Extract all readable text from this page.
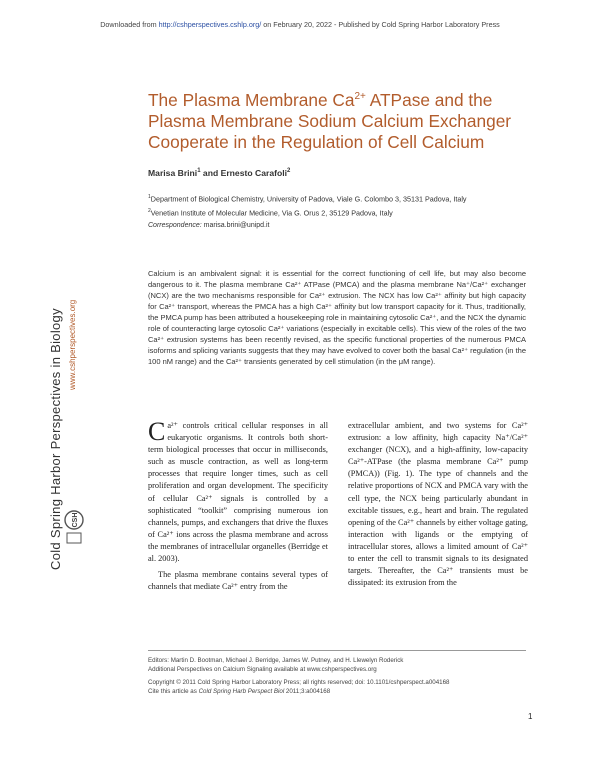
Downloaded from http://cshperspectives.cshlp.org/ on February 20, 2022 - Published by Cold Spring Harbor Laboratory Press
The Plasma Membrane $Ca^{2+}$ ATPase and the
Plasma Membrane Sodium Calcium Exchanger
Cooperate in the Regulation of Cell Calcium
Marisa Brini$^1$ and Ernesto Carafoli$^2$
$^1$Department of Biological Chemistry, University of Padova, Viale G. Colombo 3, 35131 Padova, Italy
$^2$Venetian Institute of Molecular Medicine, Via G. Orus 2, 35129 Padova, Italy
Correspondence: marisa.brini@unipd.it
Cold Spring Harbor Perspectives in Biology www.cshperspectives.org
CSH
Calcium is an ambivalent signal: it is essential for the correct functioning of cell life, but may also become dangerous to it. The plasma membrane Ca²⁺ ATPase (PMCA) and the plasma membrane Na⁺/Ca²⁺ exchanger (NCX) are the two mechanisms responsible for Ca²⁺ extrusion. The NCX has low Ca²⁺ affinity but high capacity for Ca²⁺ transport, whereas the PMCA has a high Ca²⁺ affinity but low transport capacity for it. Thus, traditionally, the PMCA pump has been attributed a housekeeping role in maintaining cytosolic Ca²⁺, and the NCX the dynamic role of counteracting large cytosolic Ca²⁺ variations (especially in excitable cells). This view of the roles of the two Ca²⁺ extrusion systems has been recently revised, as the specific functional properties of the numerous PMCA isoforms and splicing variants suggests that they may have evolved to cover both the basal Ca²⁺ regulation (in the 100 nM range) and the Ca²⁺ transients generated by cell stimulation (in the μM range).

Ca²⁺ controls critical cellular responses in all eukaryotic organisms. It controls both short-term biological processes that occur in milliseconds, such as muscle contraction, as well as long-term processes that require longer times, such as cell proliferation and organ development. The specificity of cellular Ca²⁺ signals is controlled by a sophisticated “toolkit” comprising numerous ion channels, pumps, and exchangers that drive the fluxes of Ca²⁺ ions across the plasma membrane and across the membranes of intracellular organelles (Berridge et al. 2003).

The plasma membrane contains several types of channels that mediate Ca²⁺ entry from the

extracellular ambient, and two systems for Ca²⁺ extrusion: a low affinity, high capacity Na⁺/Ca²⁺ exchanger (NCX), and a high-affinity, low-capacity Ca²⁺-ATPase (the plasma membrane Ca²⁺ pump (PMCA)) (Fig. 1). The type of channels and the relative proportions of NCX and PMCA vary with the cell type, the NCX being particularly abundant in excitable tissues, e.g., heart and brain. The regulated opening of the Ca²⁺ channels by either voltage gating, interaction with ligands or the emptying of intracellular stores, allows a limited amount of Ca²⁺ to enter the cell to transmit signals to its designated targets. Thereafter, the Ca²⁺ transients must be dissipated: its extrusion from the

Editors: Martin D. Bootman, Michael J. Berridge, James W. Putney, and H. Llewelyn Roderick
Additional Perspectives on Calcium Signaling available at www.cshperspectives.org
Copyright © 2011 Cold Spring Harbor Laboratory Press; all rights reserved; doi: 10.1101/cshperspect.a004168
Cite this article as Cold Spring Harb Perspect Biol 2011;3:a004168
1
